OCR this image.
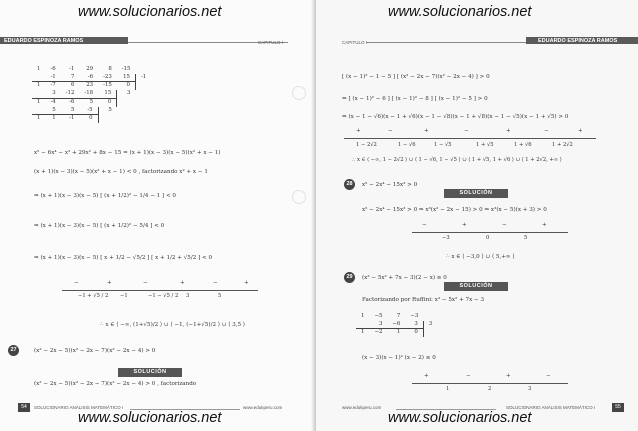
www.solucionarios.net
EDUARDO ESPINOZA RAMOS	CAPITULO I
1	-6	-1	29	8	-15	
	-1	7	-6	-23	15	-1
1	-7	6	23	-15	0	
	3	-12	-18	15	3	
1	-4	-6	5	0		
	5	5	-5	5		
1	1	-1	0			
x⁵ − 6x⁴ − x³ + 29x² + 8x − 15 = (x + 1)(x − 3)(x − 5)(x² + x − 1)
(x + 1)(x − 3)(x − 5)(x² + x − 1) < 0 , factorizando x² + x − 1
⇒ (x + 1)(x − 3)(x − 5) [ (x + 1/2)² − 1/4 − 1 ] < 0
⇒ (x + 1)(x − 3)(x − 5) [ (x + 1/2)² − 5/4 ] < 0
⇒ (x + 1)(x − 3)(x − 5) [ x + 1/2 − √5/2 ] [ x + 1/2 + √5/2 ] < 0
−	+	−	+	−	+
−1 + √5 / 2 −1	−1 − √5 / 2 3	5
∴ x ∈ ⟨ −∞, (1+√5)/2 ⟩ ∪ ⟨ −1, (−1+√5)/2 ⟩ ∪ ⟨ 3,5 ⟩
27	(x² − 2x − 5)(x² − 2x − 7)(x² − 2x − 4) > 0
SOLUCIÓN
(x² − 2x − 5)(x² − 2x − 7)(x² − 2x − 4) > 0 , factorizando
54	SOLUCIONARIO ANÁLISIS MATEMÁTICO I	www.edukperu.com
www.solucionarios.net
www.solucionarios.net
CAPITULO I	EDUARDO ESPINOZA RAMOS
[ (x − 1)² − 1 − 5 ] [ (x² − 2x − 7)(x² − 2x − 4) ] > 0
⇒ [ (x − 1)² − 6 ] [ (x − 1)² − 8 ] [ (x − 1)² − 5 ] > 0
⇒ (x − 1 − √6)(x − 1 + √6)(x − 1 − √8)(x − 1 + √8)(x − 1 − √5)(x − 1 + √5) > 0
+	−	+	−	+	−	+
1 − 2√2	1 − √6	1 − √5	1 + √5	1 + √6	1 + 2√2
∴ x ∈ ⟨ −∞, 1 − 2√2 ⟩ ∪ ⟨ 1 − √6, 1 − √5 ⟩ ∪ ⟨ 1 + √5, 1 + √6 ⟩ ∪ ⟨ 1 + 2√2, +∞ ⟩
28	x⁵ − 2x⁴ − 15x³ > 0
SOLUCIÓN
x⁵ − 2x⁴ − 15x³ > 0 ⇒ x³(x² − 2x − 15) > 0 ⇒ x³(x − 5)(x + 3) > 0
−	+	−	+
−3	0	5
∴ x ∈ ⟨ −3,0 ⟩ ∪ ⟨ 5,+∞ ⟩
29	(x³ − 5x² + 7x − 3)(2 − x) ≥ 0
SOLUCIÓN
Factorizando por Ruffini: x³ − 5x² + 7x − 3
1	−5	7	−3	
	3	−6	3	3
1	−2	1	0	
(x − 3)(x − 1)² (x − 2) ≤ 0
+	−	+	−
1	2	3
www.edukperu.com	SOLUCIONARIO ANÁLISIS MATEMÁTICO I	55
www.solucionarios.net
